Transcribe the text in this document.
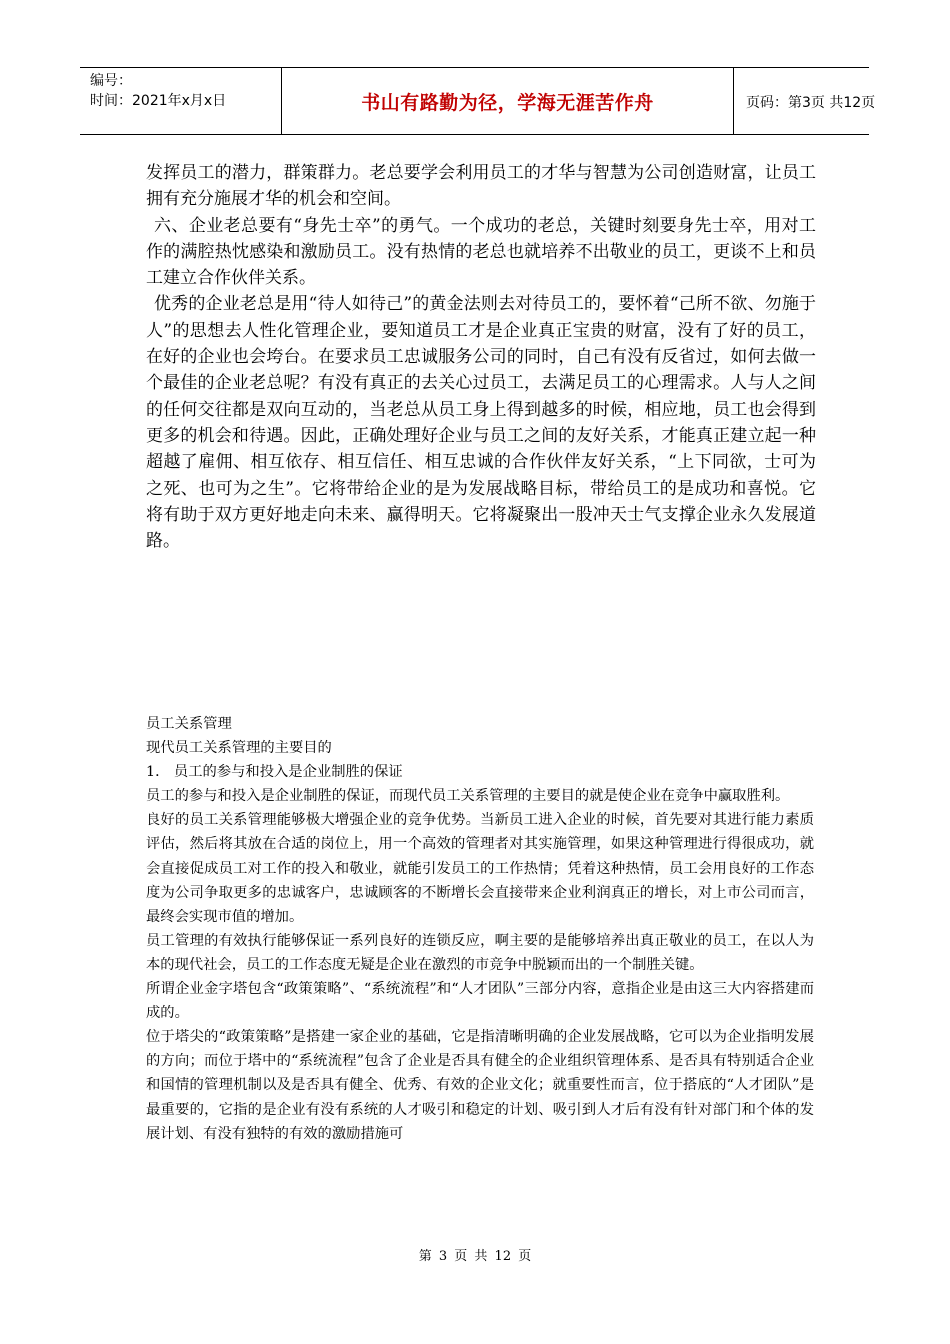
编号：
时间：2021年x月x日	书山有路勤为径，学海无涯苦作舟	页码：第3页 共12页

发挥员工的潜力，群策群力。老总要学会利用员工的才华与智慧为公司创造财富，让员工拥有充分施展才华的机会和空间。

六、企业老总要有“身先士卒”的勇气。一个成功的老总，关键时刻要身先士卒，用对工作的满腔热忱感染和激励员工。没有热情的老总也就培养不出敬业的员工，更谈不上和员工建立合作伙伴关系。

优秀的企业老总是用“待人如待己”的黄金法则去对待员工的，要怀着“己所不欲、勿施于人”的思想去人性化管理企业，要知道员工才是企业真正宝贵的财富，没有了好的员工，在好的企业也会垮台。在要求员工忠诚服务公司的同时，自己有没有反省过，如何去做一个最佳的企业老总呢？有没有真正的去关心过员工，去满足员工的心理需求。人与人之间的任何交往都是双向互动的，当老总从员工身上得到越多的时候，相应地，员工也会得到更多的机会和待遇。因此，正确处理好企业与员工之间的友好关系，才能真正建立起一种超越了雇佣、相互依存、相互信任、相互忠诚的合作伙伴友好关系，“上下同欲，士可为之死、也可为之生”。它将带给企业的是为发展战略目标，带给员工的是成功和喜悦。它将有助于双方更好地走向未来、赢得明天。它将凝聚出一股冲天士气支撑企业永久发展道路。

员工关系管理

现代员工关系管理的主要目的

1． 员工的参与和投入是企业制胜的保证

员工的参与和投入是企业制胜的保证，而现代员工关系管理的主要目的就是使企业在竞争中赢取胜利。

良好的员工关系管理能够极大增强企业的竞争优势。当新员工进入企业的时候，首先要对其进行能力素质评估，然后将其放在合适的岗位上，用一个高效的管理者对其实施管理，如果这种管理进行得很成功，就会直接促成员工对工作的投入和敬业，就能引发员工的工作热情；凭着这种热情，员工会用良好的工作态度为公司争取更多的忠诚客户，忠诚顾客的不断增长会直接带来企业利润真正的增长，对上市公司而言，最终会实现市值的增加。

员工管理的有效执行能够保证一系列良好的连锁反应，啊主要的是能够培养出真正敬业的员工，在以人为本的现代社会，员工的工作态度无疑是企业在激烈的市竞争中脱颖而出的一个制胜关键。

所谓企业金字塔包含“政策策略”、“系统流程”和“人才团队”三部分内容，意指企业是由这三大内容搭建而成的。

位于塔尖的“政策策略”是搭建一家企业的基础，它是指清晰明确的企业发展战略，它可以为企业指明发展的方向；而位于塔中的“系统流程”包含了企业是否具有健全的企业组织管理体系、是否具有特别适合企业和国情的管理机制以及是否具有健全、优秀、有效的企业文化；就重要性而言，位于搭底的“人才团队”是最重要的，它指的是企业有没有系统的人才吸引和稳定的计划、吸引到人才后有没有针对部门和个体的发展计划、有没有独特的有效的激励措施可

第 3 页 共 12 页
